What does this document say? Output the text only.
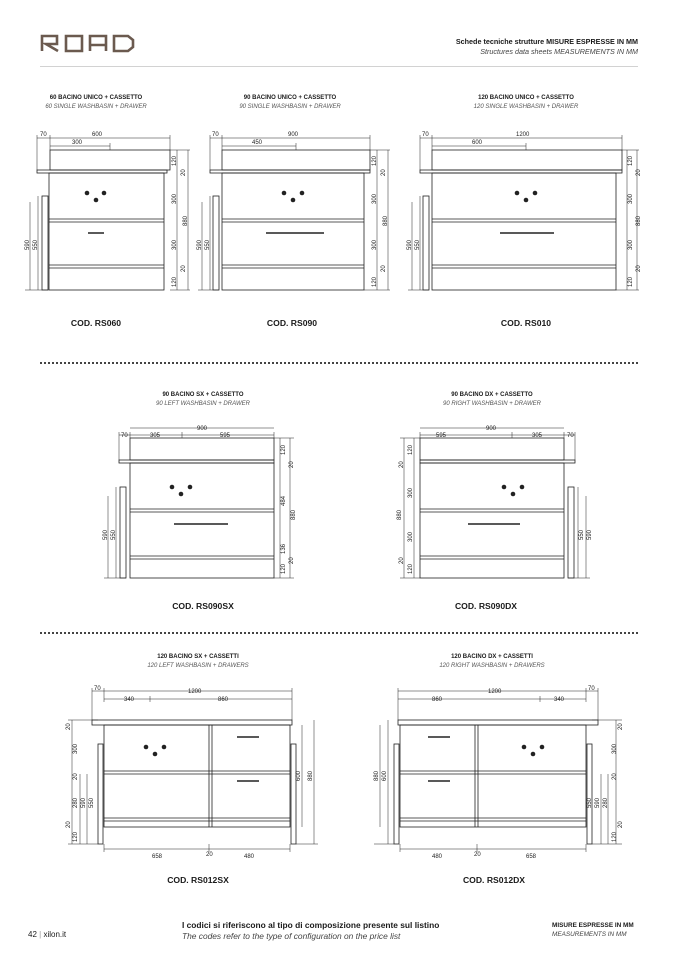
Schede tecniche strutture MISURE ESPRESSE IN MM
Structures data sheets MEASUREMENTS IN MM
60 BACINO UNICO + CASSETTO
60 SINGLE WASHBASIN + DRAWER
90 BACINO UNICO + CASSETTO
90 SINGLE WASHBASIN + DRAWER
120 BACINO UNICO + CASSETTO
120 SINGLE WASHBASIN + DRAWER
70	600
300
120
20
300
300
20
120
880
590 550
70	900
450
120
20
300
300
20
120
880
590 550
70	1200
600
120
20
300
300
20
120
880
590 550
COD. RS060	COD. RS090	COD. RS010
90 BACINO SX + CASSETTO
90 LEFT WASHBASIN + DRAWER
90 BACINO DX + CASSETTO
90 RIGHT WASHBASIN + DRAWER
70
900
305	595
120
20
484
136
120
20
880
590 550
70
900
595	305
120
20
300
300
20
120
880
590
550
COD. RS090SX	COD. RS090DX
120 BACINO SX + CASSETTI
120 LEFT WASHBASIN + DRAWERS
120 BACINO DX + CASSETTI
120 RIGHT WASHBASIN + DRAWERS
70	1200
340	860
658	20	480
20
300
20
280 590 550
20
120
600 880
70
1200
860	340
480	20	658
20
300
20
280
590
550
20
120
600
880
COD. RS012SX	COD. RS012DX
42 | xilon.it
I codici si riferiscono al tipo di composizione presente sul listino
The codes refer to the type of configuration on the price list
MISURE ESPRESSE IN MM
MEASUREMENTS IN MM
